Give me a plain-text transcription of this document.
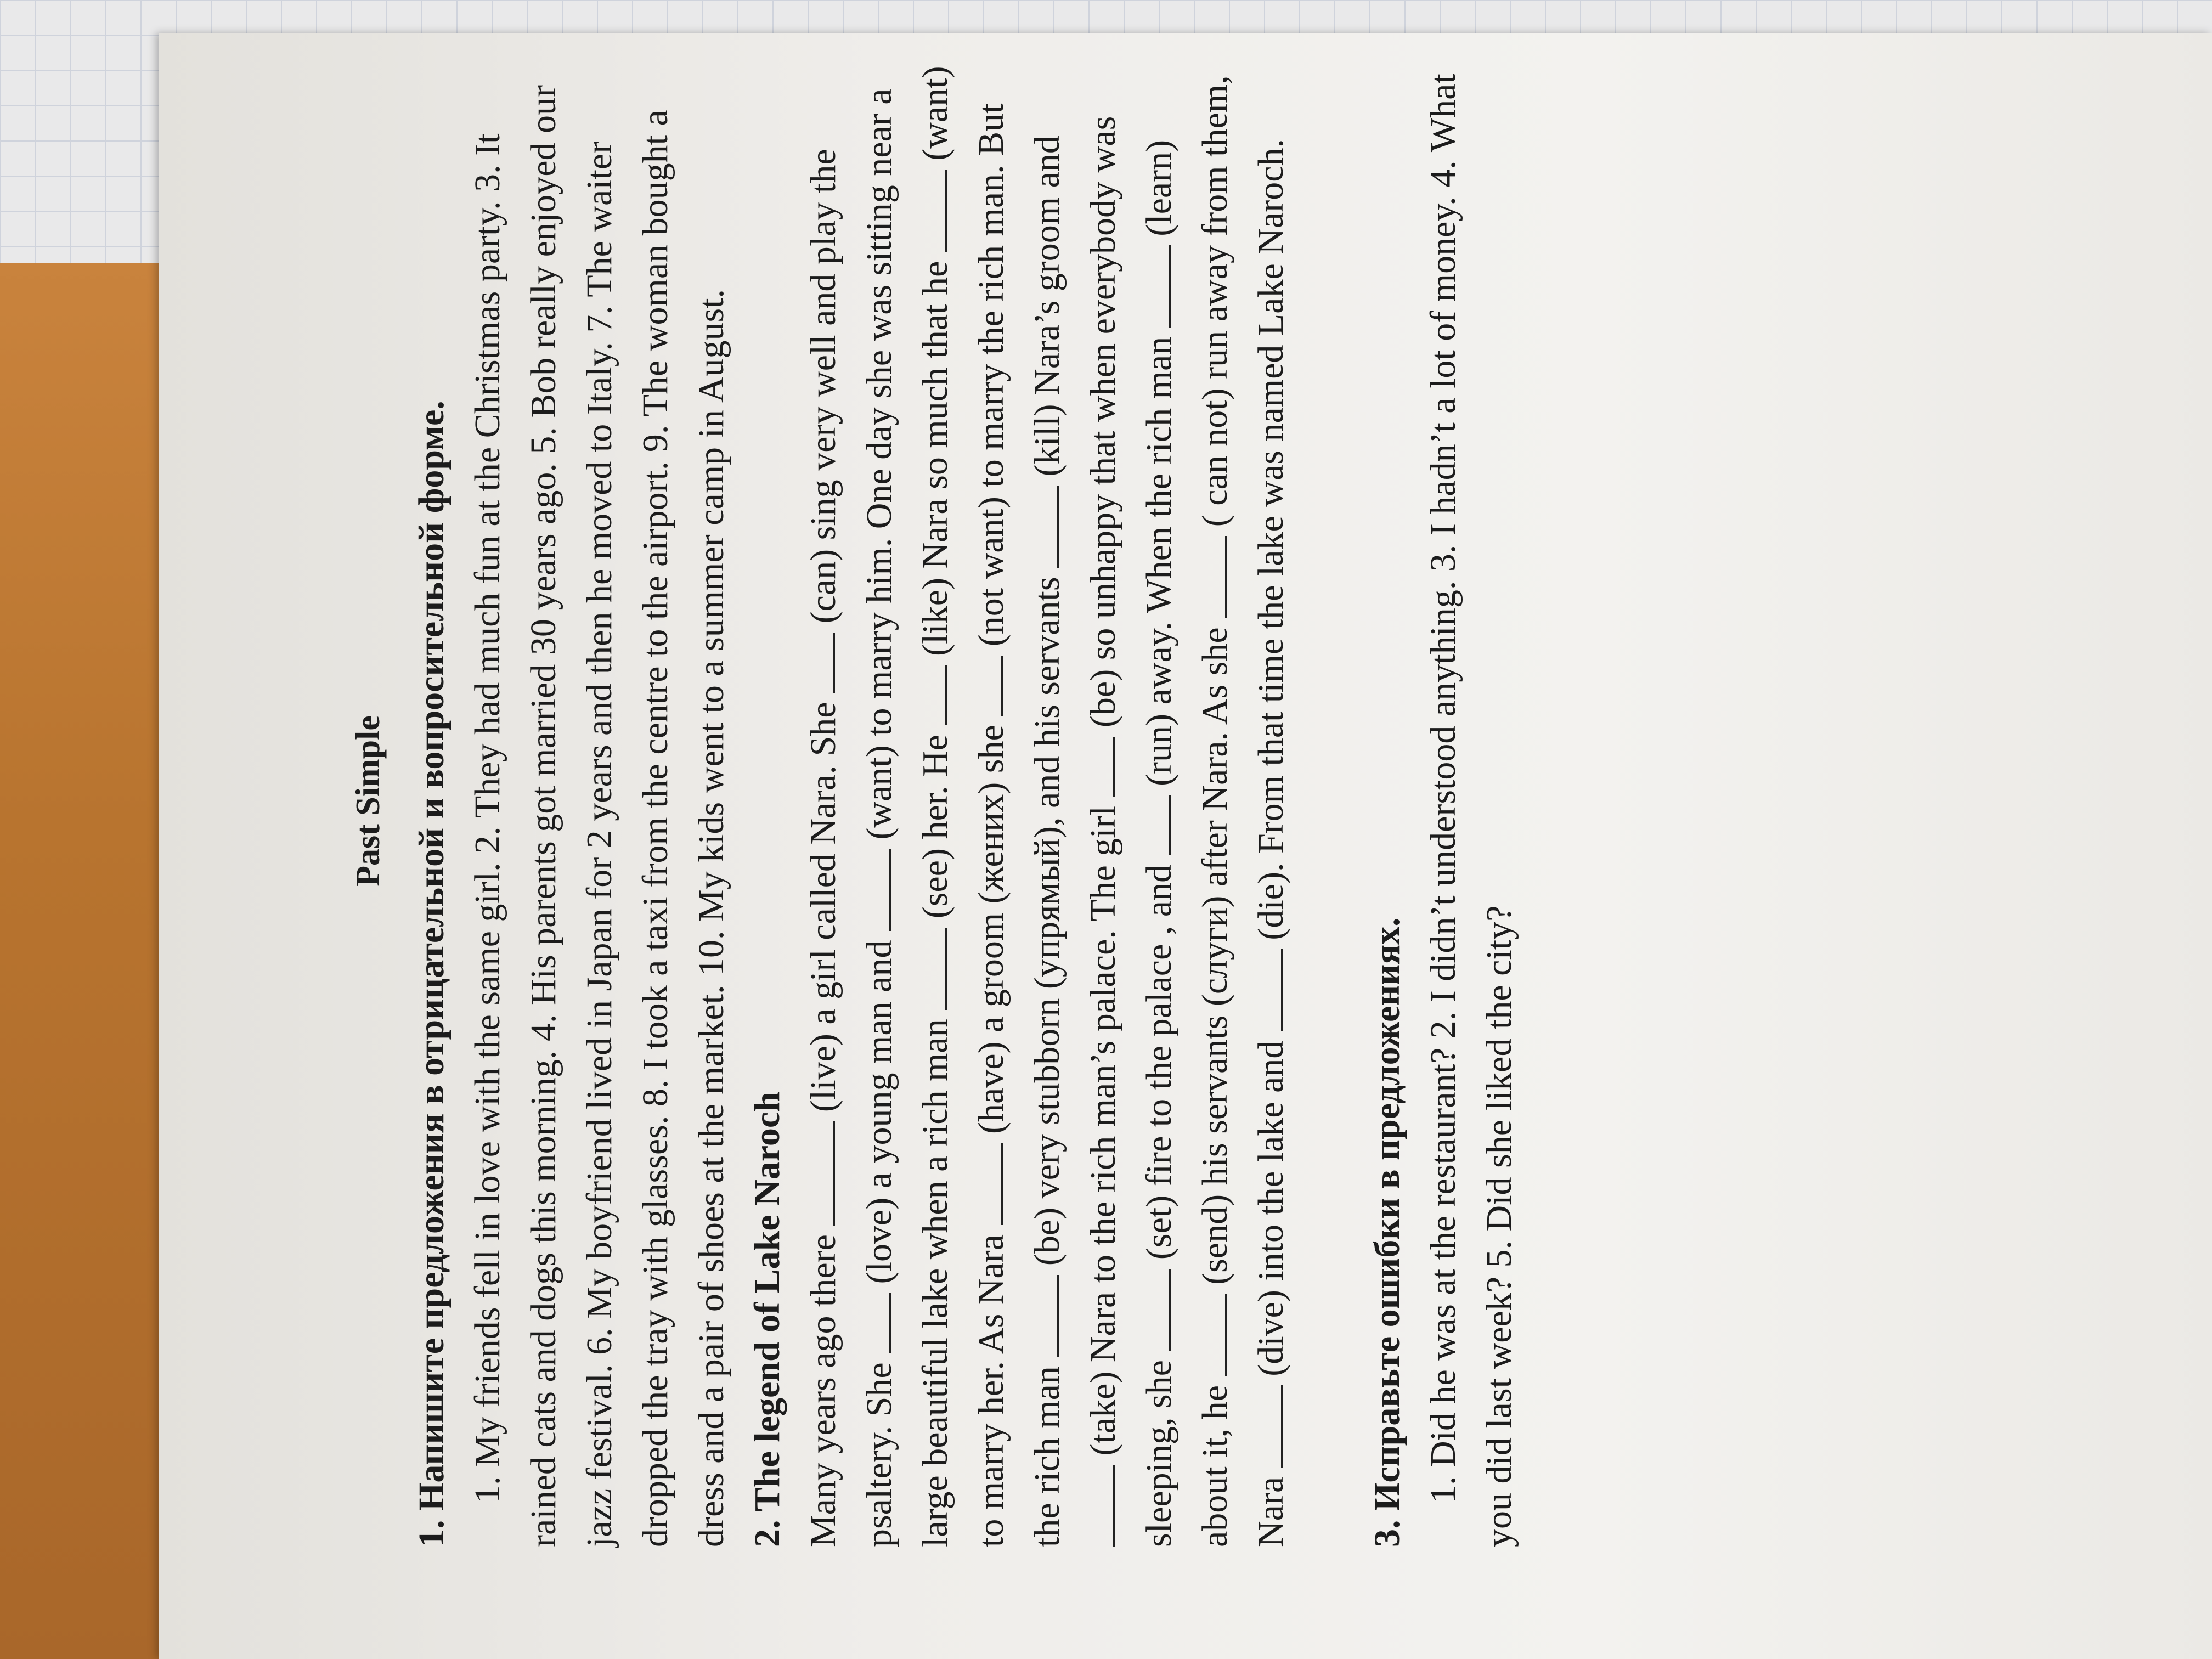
Past Simple 1. Напишите предложения в отрицательной и вопросительной форме. 1. My friends fell in love with the same girl. 2. They had much fun at the Christmas party. 3. It rained cats and dogs this morning. 4. His parents got married 30 years ago. 5. Bob really enjoyed our jazz festival. 6. My boyfriend lived in Japan for 2 years and then he moved to Italy. 7. The waiter dropped the tray with glasses. 8. I took a taxi from the centre to the airport. 9. The woman bought a dress and a pair of shoes at the market. 10. My kids went to a summer camp in August. 2. The legend of Lake Naroch Many years ago there  (live) a girl called Nara. She  (can) sing very well and play the psaltery. She  (love) a young man and  (want) to marry him. One day she was sitting near a large beautiful lake when a rich man  (see) her. He  (like) Nara so much that he  (want) to marry her. As Nara  (have) a groom (жених) she  (not want) to marry the rich man. But the rich man  (be) very stubborn (упрямый), and his servants  (kill) Nara’s groom and  (take) Nara to the rich man’s palace. The girl  (be) so unhappy that when everybody was sleeping, she  (set) fire to the palace , and  (run) away. When the rich man  (learn) about it, he  (send) his servants (слуги) after Nara. As she  ( can not) run away from them, Nara  (dive) into the lake and  (die). From that time the lake was named Lake Naroch.

3. Исправьте ошибки в предложениях. 1. Did he was at the restaurant? 2. I didn’t understood anything. 3. I hadn’t a lot of money. 4. What you did last week? 5. Did she liked the city?
